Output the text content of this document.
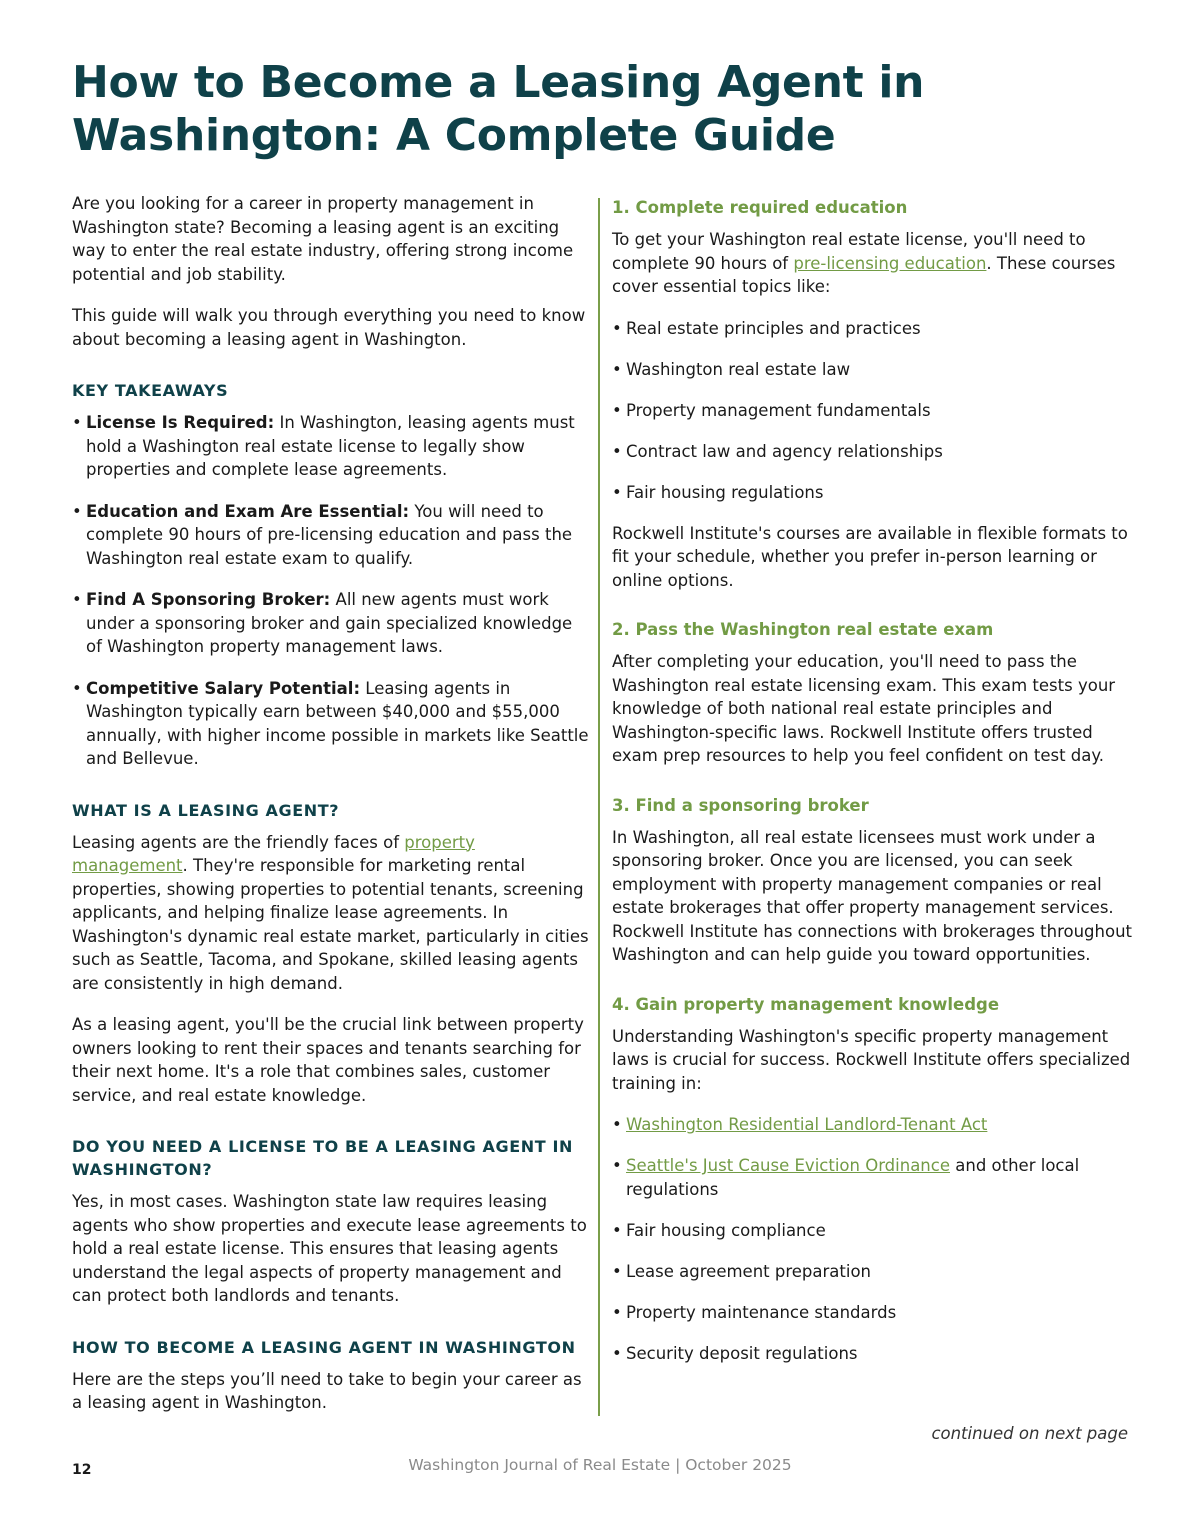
How to Become a Leasing Agent in Washington: A Complete Guide

Are you looking for a career in property management in Washington state? Becoming a leasing agent is an exciting way to enter the real estate industry, offering strong income potential and job stability.

This guide will walk you through everything you need to know about becoming a leasing agent in Washington.

KEY TAKEAWAYS
• License Is Required: In Washington, leasing agents must hold a Washington real estate license to legally show properties and complete lease agreements.
• Education and Exam Are Essential: You will need to complete 90 hours of pre-licensing education and pass the Washington real estate exam to qualify.
• Find A Sponsoring Broker: All new agents must work under a sponsoring broker and gain specialized knowledge of Washington property management laws.
• Competitive Salary Potential: Leasing agents in Washington typically earn between $40,000 and $55,000 annually, with higher income possible in markets like Seattle and Bellevue.
WHAT IS A LEASING AGENT?

Leasing agents are the friendly faces of property management. They're responsible for marketing rental properties, showing properties to potential tenants, screening applicants, and helping finalize lease agreements. In Washington's dynamic real estate market, particularly in cities such as Seattle, Tacoma, and Spokane, skilled leasing agents are consistently in high demand.

As a leasing agent, you'll be the crucial link between property owners looking to rent their spaces and tenants searching for their next home. It's a role that combines sales, customer service, and real estate knowledge.

DO YOU NEED A LICENSE TO BE A LEASING AGENT IN WASHINGTON?

Yes, in most cases. Washington state law requires leasing agents who show properties and execute lease agreements to hold a real estate license. This ensures that leasing agents understand the legal aspects of property management and can protect both landlords and tenants.

HOW TO BECOME A LEASING AGENT IN WASHINGTON

Here are the steps you’ll need to take to begin your career as a leasing agent in Washington.

1. Complete required education

To get your Washington real estate license, you'll need to complete 90 hours of pre-licensing education. These courses cover essential topics like:

• Real estate principles and practices
• Washington real estate law
• Property management fundamentals
• Contract law and agency relationships
• Fair housing regulations

Rockwell Institute's courses are available in flexible formats to fit your schedule, whether you prefer in-person learning or online options.

2. Pass the Washington real estate exam

After completing your education, you'll need to pass the Washington real estate licensing exam. This exam tests your knowledge of both national real estate principles and Washington-specific laws. Rockwell Institute offers trusted exam prep resources to help you feel confident on test day.

3. Find a sponsoring broker

In Washington, all real estate licensees must work under a sponsoring broker. Once you are licensed, you can seek employment with property management companies or real estate brokerages that offer property management services. Rockwell Institute has connections with brokerages throughout Washington and can help guide you toward opportunities.

4. Gain property management knowledge

Understanding Washington's specific property management laws is crucial for success. Rockwell Institute offers specialized training in:

• Washington Residential Landlord-Tenant Act
• Seattle's Just Cause Eviction Ordinance and other local regulations
• Fair housing compliance
• Lease agreement preparation
• Property maintenance standards
• Security deposit regulations
continued on next page
12	Washington Journal of Real Estate | October 2025
